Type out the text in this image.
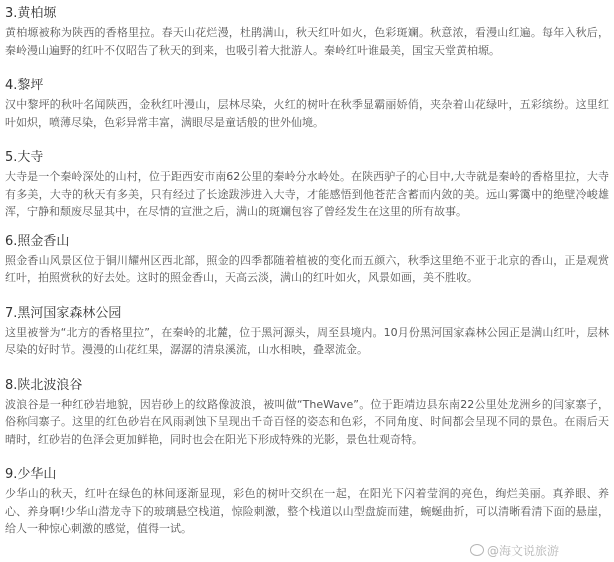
3.黄柏塬

黄柏塬被称为陕西的香格里拉。春天山花烂漫，杜鹃满山，秋天红叶如火，色彩斑斓。秋意浓，看漫山红遍。每年入秋后，秦岭漫山遍野的红叶不仅昭告了秋天的到来，也吸引着大批游人。秦岭红叶谁最美，国宝天堂黄柏塬。

4.黎坪

汉中黎坪的秋叶名闻陕西，金秋红叶漫山，层林尽染，火红的树叶在秋季显霸丽娇俏，夹杂着山花绿叶，五彩缤纷。这里红叶如炽，喷薄尽染，色彩异常丰富，满眼尽是童话般的世外仙境。

5.大寺

大寺是一个秦岭深处的山村，位于距西安市南62公里的秦岭分水岭处。在陕西驴子的心目中,大寺就是秦岭的香格里拉，大寺有多美，大寺的秋天有多美，只有经过了长途跋涉进入大寺，才能感悟到他苍茫含蓄而内敛的美。远山雾霭中的绝壁冷峻雄浑，宁静和颓废尽显其中，在尽情的宣泄之后，满山的斑斓包容了曾经发生在这里的所有故事。

6.照金香山

照金香山风景区位于铜川耀州区西北部，照金的四季都随着植被的变化而五颜六，秋季这里绝不亚于北京的香山，正是观赏红叶，拍照赏秋的好去处。这时的照金香山，天高云淡，满山的红叶如火，风景如画，美不胜收。

7.黑河国家森林公园

这里被誉为“北方的香格里拉”，在秦岭的北麓，位于黑河源头，周至县境内。10月份黑河国家森林公园正是满山红叶，层林尽染的好时节。漫漫的山花红果，潺潺的清泉溪流，山水相映，叠翠流金。

8.陕北波浪谷

波浪谷是一种红砂岩地貌，因岩砂上的纹路像波浪，被叫做“TheWave”。位于距靖边县东南22公里处龙洲乡的闫家寨子，俗称闫寨子。这里的红色砂岩在风雨剥蚀下呈现出千奇百怪的姿态和色彩，不同角度、时间都会呈现不同的景色。在雨后天晴时，红砂岩的色泽会更加鲜艳，同时也会在阳光下形成特殊的光影，景色壮观奇特。

9.少华山

少华山的秋天，红叶在绿色的林间逐渐显现，彩色的树叶交织在一起，在阳光下闪着莹润的亮色，绚烂美丽。真养眼、养心、养身啊!少华山潜龙寺下的玻璃悬空栈道，惊险刺激，整个栈道以山型盘旋而建，蜿蜒曲折，可以清晰看清下面的悬崖，给人一种惊心刺激的感觉，值得一试。

@海文说旅游
